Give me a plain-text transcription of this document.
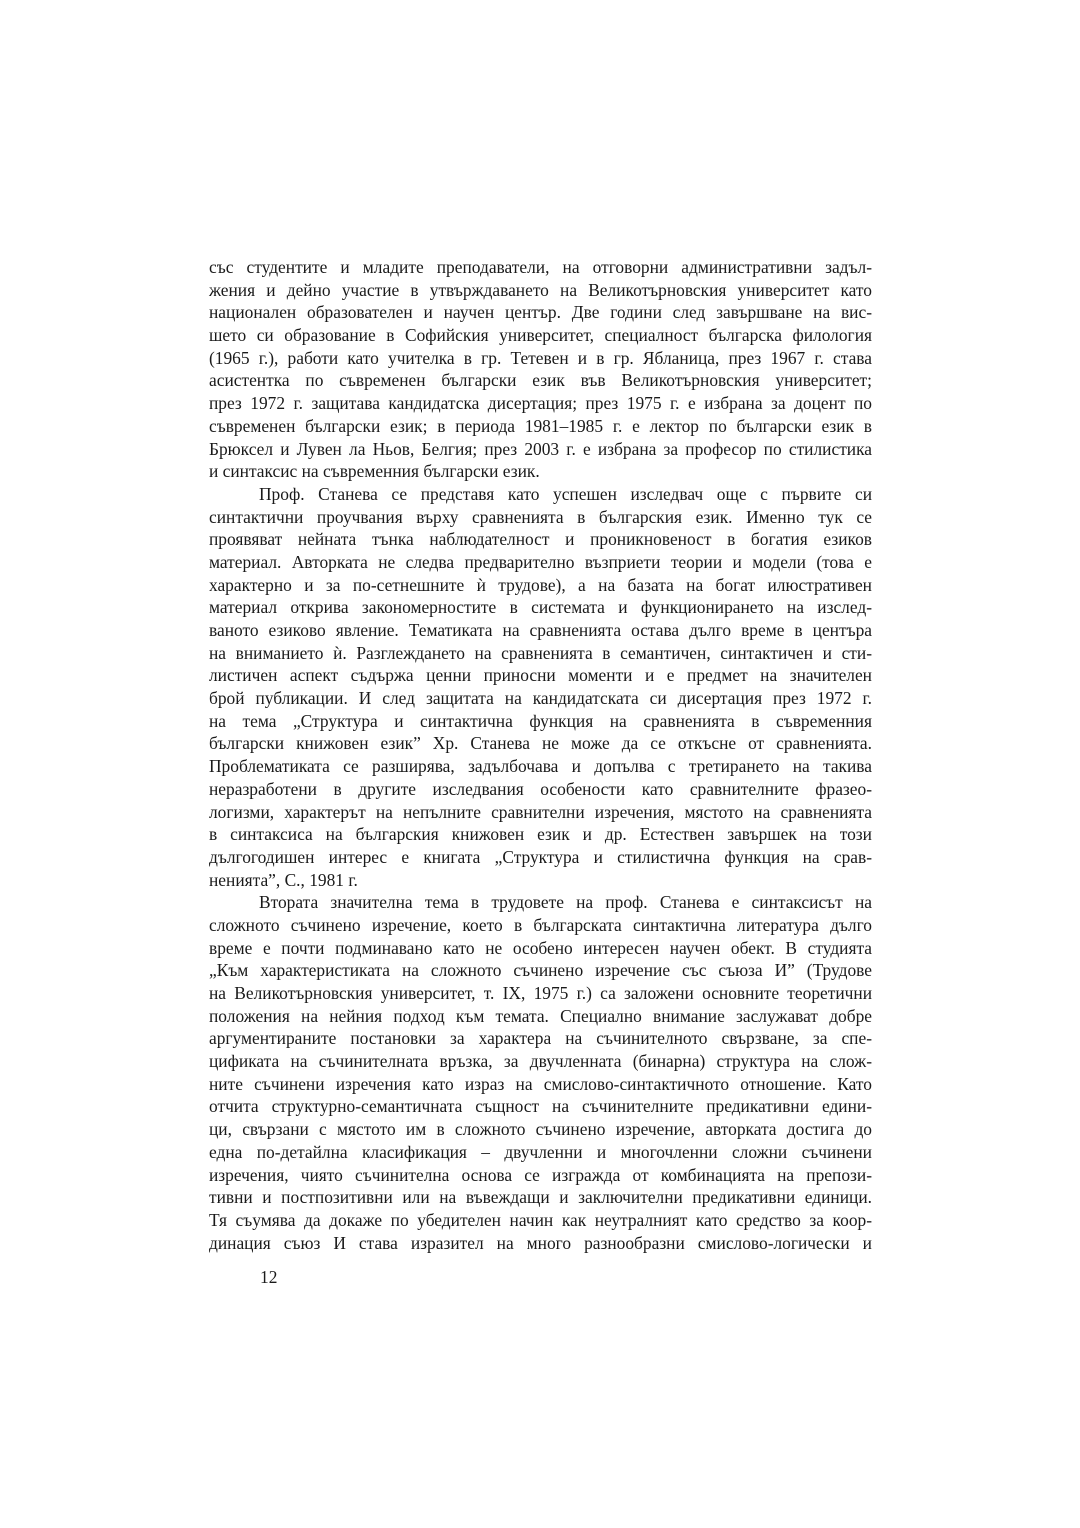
със студентите и младите преподаватели, на отговорни административни задъл-
жения и дейно участие в утвърждаването на Великотърновския университет като
национален образователен и научен център. Две години след завършване на вис-
шето си образование в Софийския университет, специалност българска филология
(1965 г.), работи като учителка в гр. Тетевен и в гр. Ябланица, през 1967 г. става
асистентка по съвременен български език във Великотърновския университет;
през 1972 г. защитава кандидатска дисертация; през 1975 г. е избрана за доцент по
съвременен български език; в периода 1981–1985 г. е лектор по български език в
Брюксел и Лувен ла Ньов, Белгия; през 2003 г. е избрана за професор по стилистика
и синтаксис на съвременния български език.
Проф. Станева се представя като успешен изследвач още с първите си
синтактични проучвания върху сравненията в българския език. Именно тук се
проявяват нейната тънка наблюдателност и проникновеност в богатия езиков
материал. Авторката не следва предварително възприети теории и модели (това е
характерно и за по-сетнешните ѝ трудове), а на базата на богат илюстративен
материал открива закономерностите в системата и функционирането на изслед-
ваното езиково явление. Тематиката на сравненията остава дълго време в центъра
на вниманието ѝ. Разглеждането на сравненията в семантичен, синтактичен и сти-
листичен аспект съдържа ценни приносни моменти и е предмет на значителен
брой публикации. И след защитата на кандидатската си дисертация през 1972 г.
на тема „Структура и синтактична функция на сравненията в съвременния
български книжовен език” Хр. Станева не може да се откъсне от сравненията.
Проблематиката се разширява, задълбочава и допълва с третирането на такива
неразработени в другите изследвания особености като сравнителните фразео-
логизми, характерът на непълните сравнителни изречения, мястото на сравненията
в синтаксиса на българския книжовен език и др. Естествен завършек на този
дългогодишен интерес е книгата „Структура и стилистична функция на срав-
ненията”, С., 1981 г.
Втората значителна тема в трудовете на проф. Станева е синтаксисът на
сложното съчинено изречение, което в българската синтактична литература дълго
време е почти подминавано като не особено интересен научен обект. В студията
„Към характеристиката на сложното съчинено изречение със съюза И” (Трудове
на Великотърновския университет, т. IX, 1975 г.) са заложени основните теоретични
положения на нейния подход към темата. Специално внимание заслужават добре
аргументираните постановки за характера на съчинителното свързване, за спе-
цификата на съчинителната връзка, за двучленната (бинарна) структура на слож-
ните съчинени изречения като израз на смислово-синтактичното отношение. Като
отчита структурно-семантичната същност на съчинителните предикативни едини-
ци, свързани с мястото им в сложното съчинено изречение, авторката достига до
една по-детайлна класификация – двучленни и многочленни сложни съчинени
изречения, чиято съчинителна основа се изгражда от комбинацията на препози-
тивни и постпозитивни или на въвеждащи и заключителни предикативни единици.
Тя съумява да докаже по убедителен начин как неутралният като средство за коор-
динация съюз И става изразител на много разнообразни смислово-логически и
12
